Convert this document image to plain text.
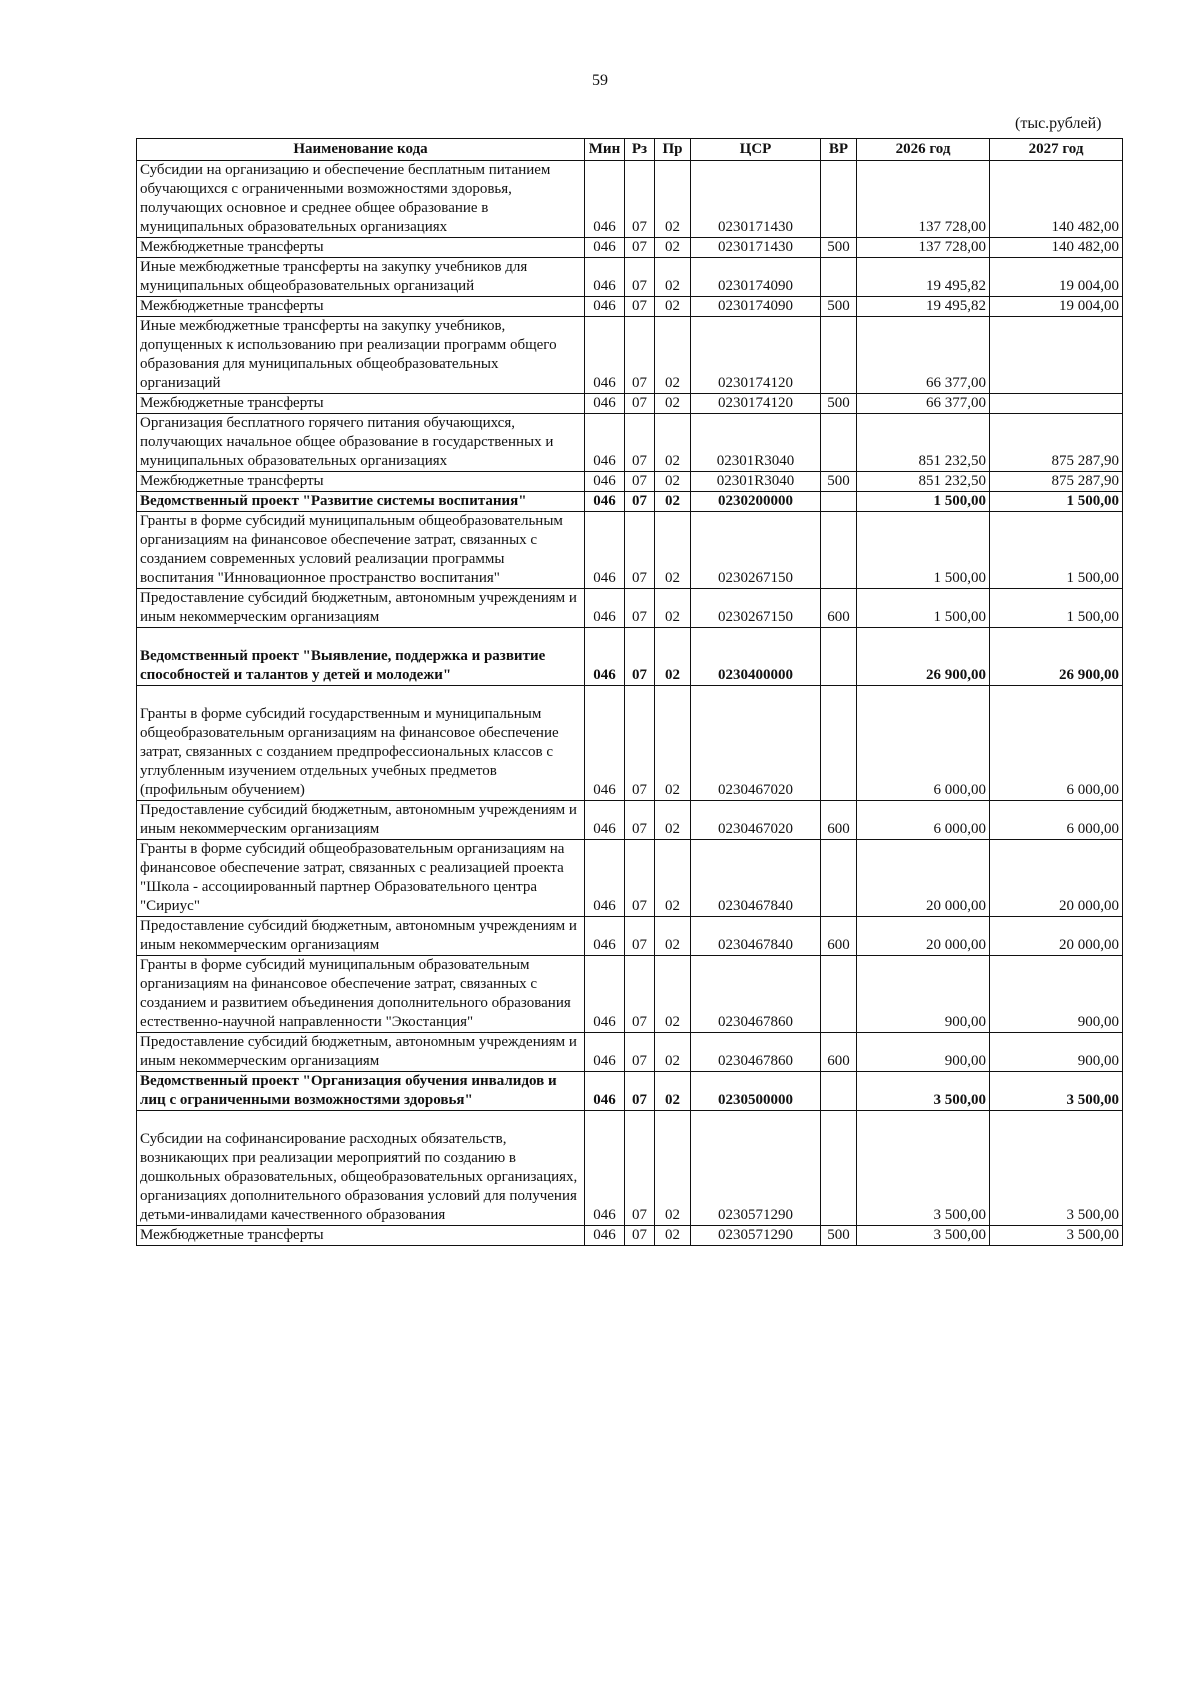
59
(тыс.рублей)
Наименование кода	Мин	Рз	Пр	ЦСР	ВР	2026 год	2027 год
Субсидии на организацию и обеспечение бесплатным питанием обучающихся с ограниченными возможностями здоровья, получающих основное и среднее общее образование в муниципальных образовательных организациях	046	07	02	0230171430		137 728,00	140 482,00
Межбюджетные трансферты	046	07	02	0230171430	500	137 728,00	140 482,00
Иные межбюджетные трансферты на закупку учебников для муниципальных общеобразовательных организаций	046	07	02	0230174090		19 495,82	19 004,00
Межбюджетные трансферты	046	07	02	0230174090	500	19 495,82	19 004,00
Иные межбюджетные трансферты на закупку учебников, допущенных к использованию при реализации программ общего образования для муниципальных общеобразовательных организаций	046	07	02	0230174120		66 377,00	
Межбюджетные трансферты	046	07	02	0230174120	500	66 377,00	
Организация бесплатного горячего питания обучающихся, получающих начальное общее образование в государственных и муниципальных образовательных организациях	046	07	02	02301R3040		851 232,50	875 287,90
Межбюджетные трансферты	046	07	02	02301R3040	500	851 232,50	875 287,90
Ведомственный проект "Развитие системы воспитания"	046	07	02	0230200000		1 500,00	1 500,00
Гранты в форме субсидий муниципальным общеобразовательным организациям на финансовое обеспечение затрат, связанных с созданием современных условий реализации программы воспитания "Инновационное пространство воспитания"	046	07	02	0230267150		1 500,00	1 500,00
Предоставление субсидий бюджетным, автономным учреждениям и иным некоммерческим организациям	046	07	02	0230267150	600	1 500,00	1 500,00
Ведомственный проект "Выявление, поддержка и развитие способностей и талантов у детей и молодежи"	046	07	02	0230400000		26 900,00	26 900,00
Гранты в форме субсидий государственным и муниципальным общеобразовательным организациям на финансовое обеспечение затрат, связанных с созданием предпрофессиональных классов с углубленным изучением отдельных учебных предметов (профильным обучением)	046	07	02	0230467020		6 000,00	6 000,00
Предоставление субсидий бюджетным, автономным учреждениям и иным некоммерческим организациям	046	07	02	0230467020	600	6 000,00	6 000,00
Гранты в форме субсидий общеобразовательным организациям на финансовое обеспечение затрат, связанных с реализацией проекта "Школа - ассоциированный партнер Образовательного центра "Сириус"	046	07	02	0230467840		20 000,00	20 000,00
Предоставление субсидий бюджетным, автономным учреждениям и иным некоммерческим организациям	046	07	02	0230467840	600	20 000,00	20 000,00
Гранты в форме субсидий муниципальным образовательным организациям на финансовое обеспечение затрат, связанных с созданием и развитием объединения дополнительного образования естественно-научной направленности "Экостанция"	046	07	02	0230467860		900,00	900,00
Предоставление субсидий бюджетным, автономным учреждениям и иным некоммерческим организациям	046	07	02	0230467860	600	900,00	900,00
Ведомственный проект "Организация обучения инвалидов и лиц с ограниченными возможностями здоровья"	046	07	02	0230500000		3 500,00	3 500,00
Субсидии на софинансирование расходных обязательств, возникающих при реализации мероприятий по созданию в дошкольных образовательных, общеобразовательных организациях, организациях дополнительного образования условий для получения детьми-инвалидами качественного образования	046	07	02	0230571290		3 500,00	3 500,00
Межбюджетные трансферты	046	07	02	0230571290	500	3 500,00	3 500,00
